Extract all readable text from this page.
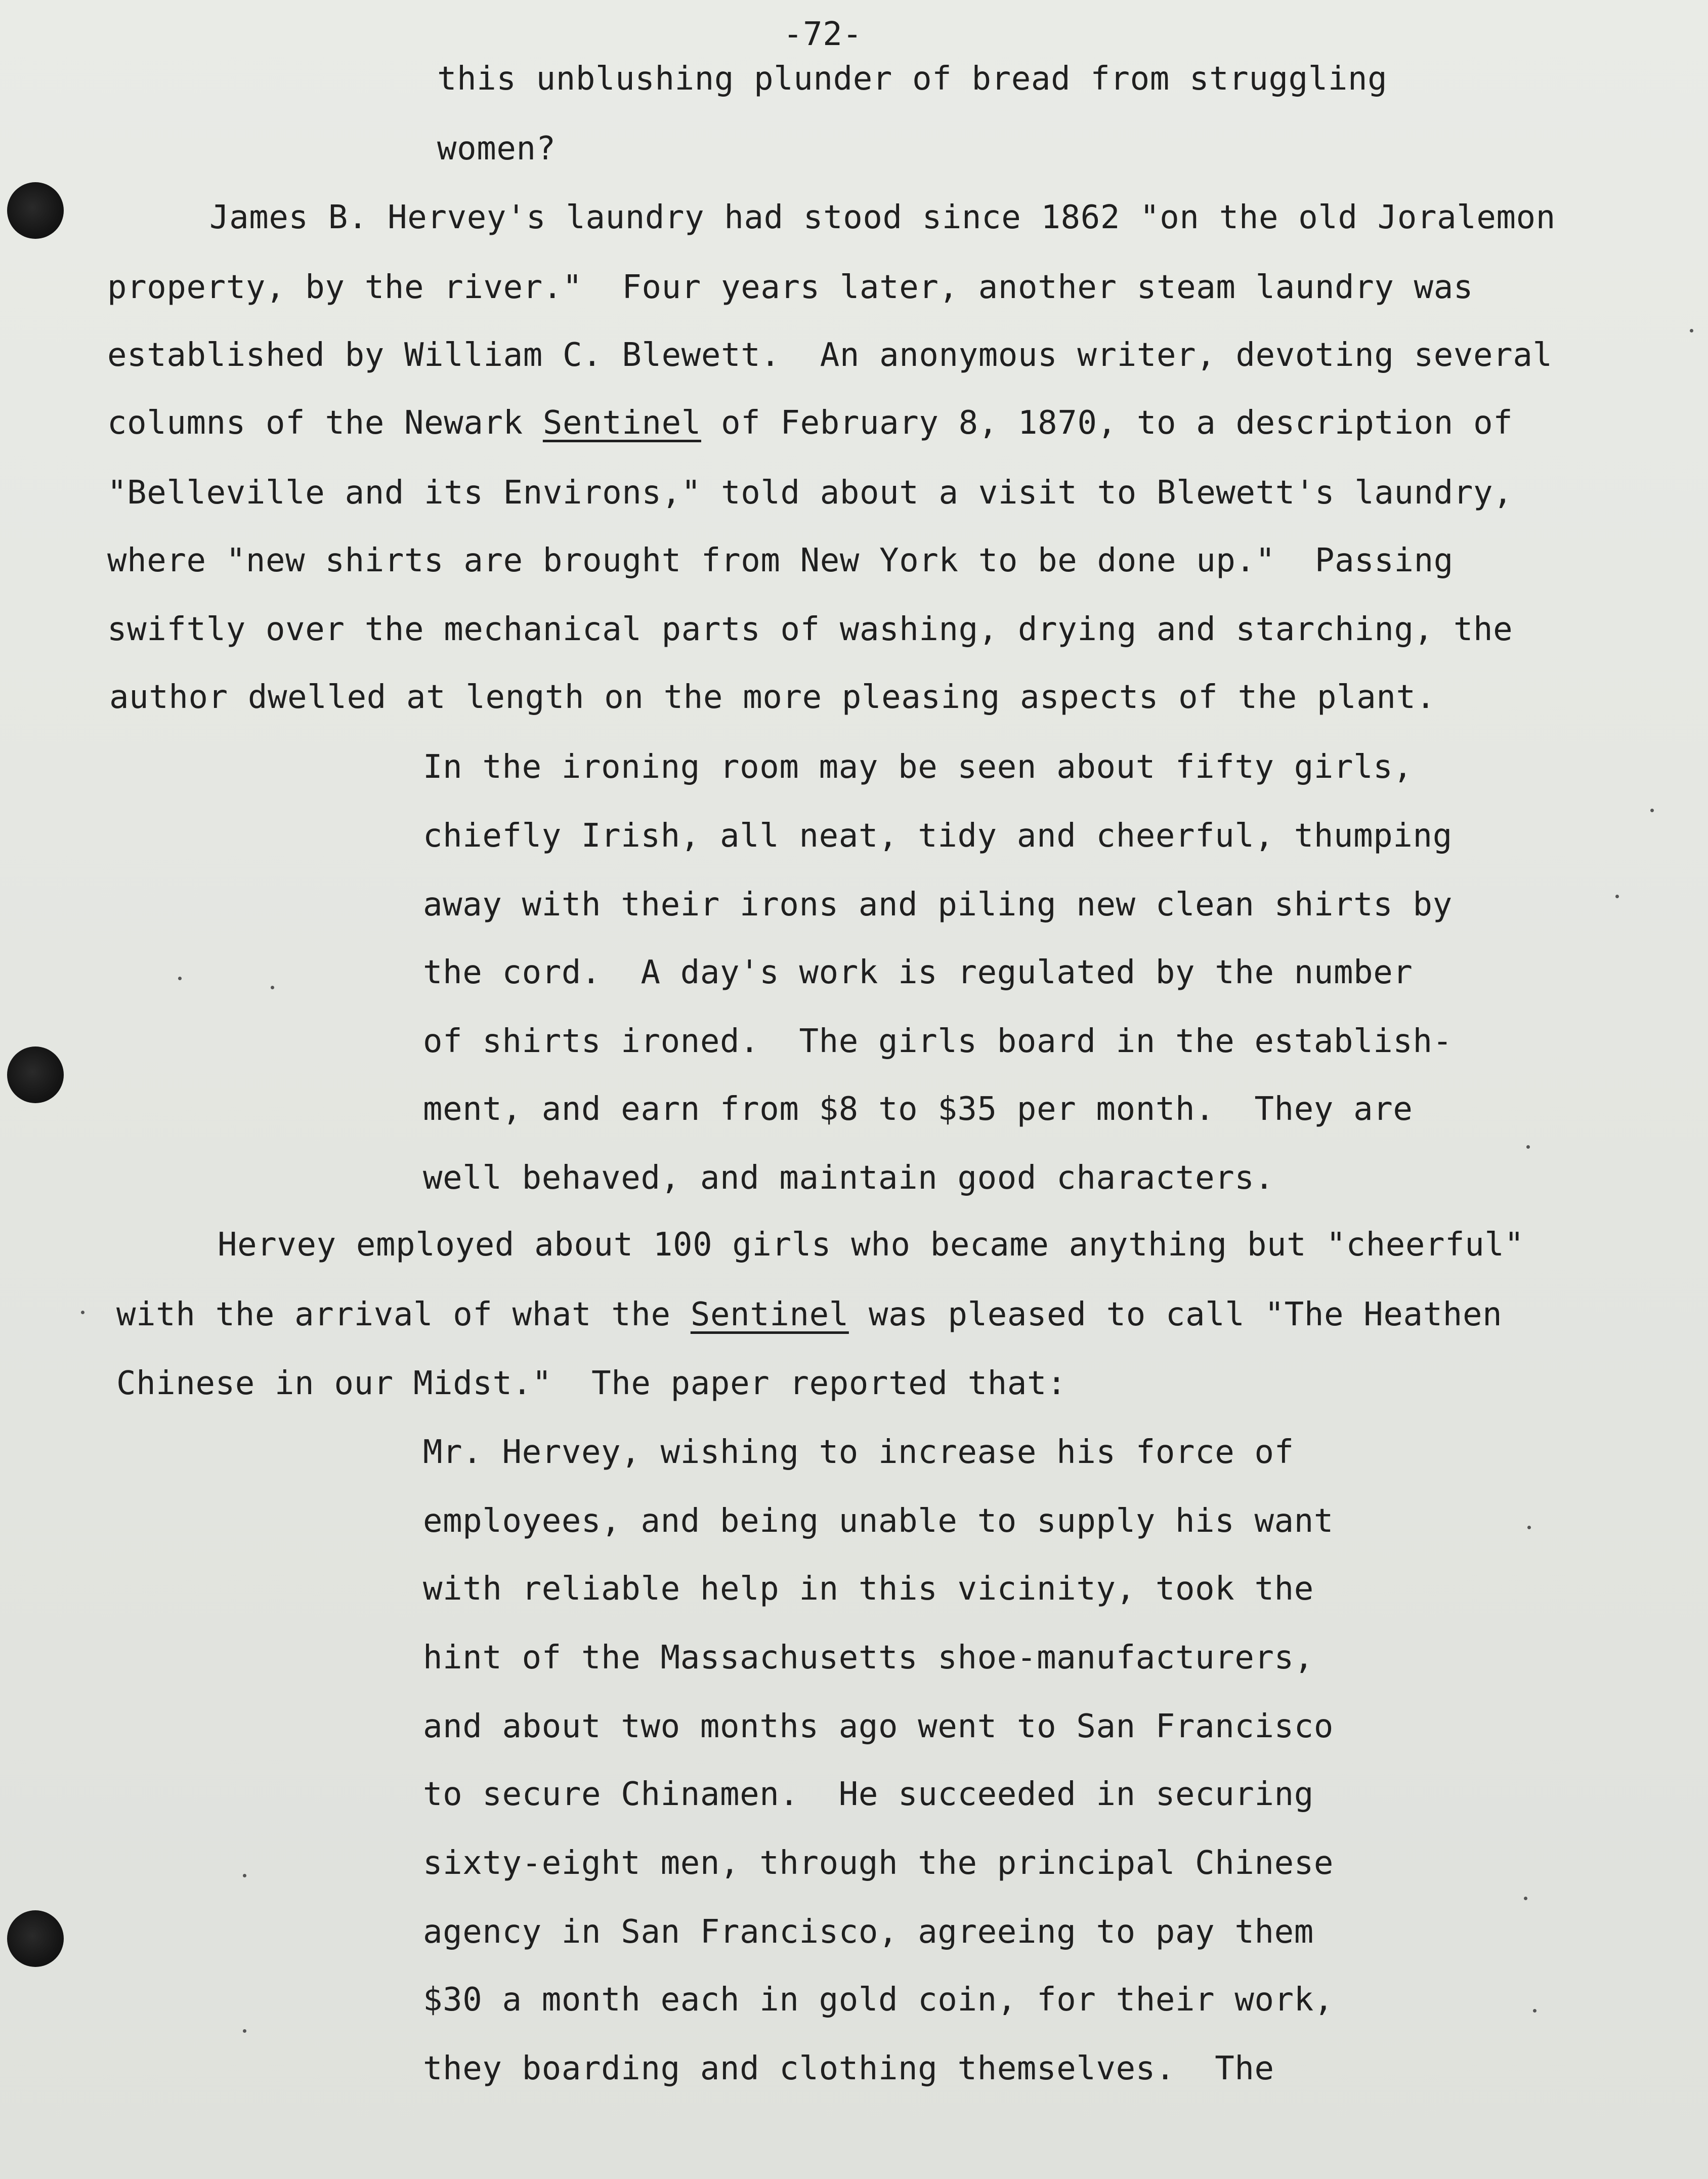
-72-
this unblushing plunder of bread from struggling
women?
James B. Hervey's laundry had stood since 1862 "on the old Joralemon
property, by the river."  Four years later, another steam laundry was
established by William C. Blewett.  An anonymous writer, devoting several
columns of the Newark Sentinel of February 8, 1870, to a description of
"Belleville and its Environs," told about a visit to Blewett's laundry,
where "new shirts are brought from New York to be done up."  Passing
swiftly over the mechanical parts of washing, drying and starching, the
author dwelled at length on the more pleasing aspects of the plant.
In the ironing room may be seen about fifty girls,
chiefly Irish, all neat, tidy and cheerful, thumping
away with their irons and piling new clean shirts by
the cord.  A day's work is regulated by the number
of shirts ironed.  The girls board in the establish-
ment, and earn from $8 to $35 per month.  They are
well behaved, and maintain good characters.
Hervey employed about 100 girls who became anything but "cheerful"
with the arrival of what the Sentinel was pleased to call "The Heathen
Chinese in our Midst."  The paper reported that:
Mr. Hervey, wishing to increase his force of
employees, and being unable to supply his want
with reliable help in this vicinity, took the
hint of the Massachusetts shoe-manufacturers,
and about two months ago went to San Francisco
to secure Chinamen.  He succeeded in securing
sixty-eight men, through the principal Chinese
agency in San Francisco, agreeing to pay them
$30 a month each in gold coin, for their work,
they boarding and clothing themselves.  The
